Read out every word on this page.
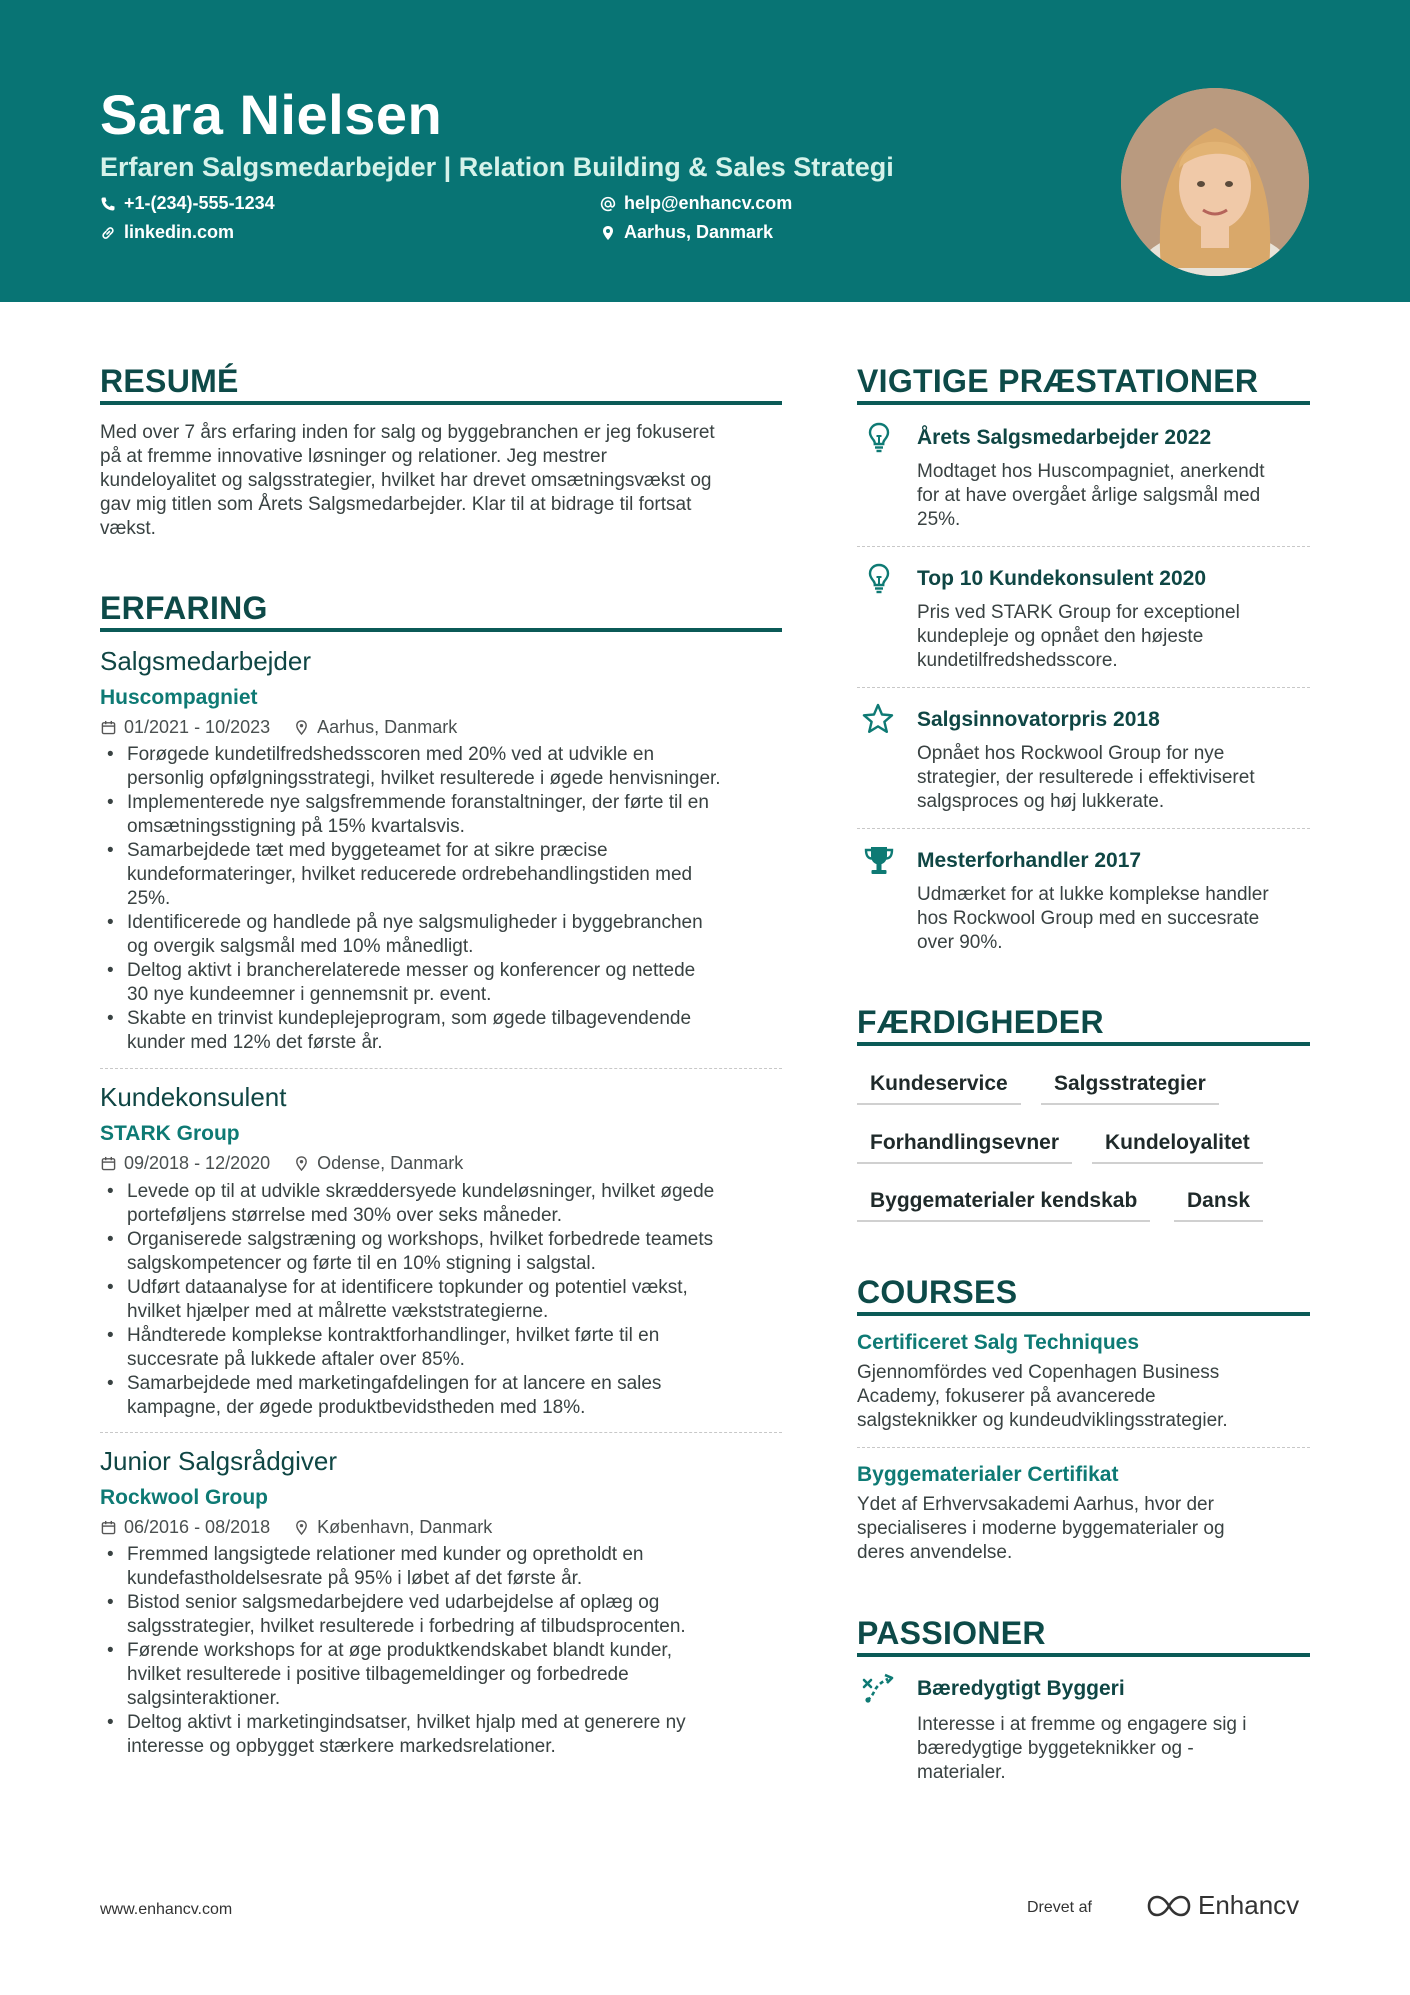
Sara Nielsen
Erfaren Salgsmedarbejder | Relation Building & Sales Strategi
+1-(234)-555-1234	help@enhancv.com
linkedin.com	Aarhus, Danmark
RESUMÉ
Med over 7 års erfaring inden for salg og byggebranchen er jeg fokuseret
på at fremme innovative løsninger og relationer. Jeg mestrer
kundeloyalitet og salgsstrategier, hvilket har drevet omsætningsvækst og
gav mig titlen som Årets Salgsmedarbejder. Klar til at bidrage til fortsat
vækst.
ERFARING
Salgsmedarbejder
Huscompagniet
01/2021 - 10/2023	Aarhus, Danmark
• Forøgede kundetilfredshedsscoren med 20% ved at udvikle en
personlig opfølgningsstrategi, hvilket resulterede i øgede henvisninger.
• Implementerede nye salgsfremmende foranstaltninger, der førte til en
omsætningsstigning på 15% kvartalsvis.
• Samarbejdede tæt med byggeteamet for at sikre præcise
kundeformateringer, hvilket reducerede ordrebehandlingstiden med
25%.
• Identificerede og handlede på nye salgsmuligheder i byggebranchen
og overgik salgsmål med 10% månedligt.
• Deltog aktivt i brancherelaterede messer og konferencer og nettede
30 nye kundeemner i gennemsnit pr. event.
• Skabte en trinvist kundeplejeprogram, som øgede tilbagevendende
kunder med 12% det første år.
Kundekonsulent
STARK Group
09/2018 - 12/2020	Odense, Danmark
• Levede op til at udvikle skræddersyede kundeløsninger, hvilket øgede
porteføljens størrelse med 30% over seks måneder.
• Organiserede salgstræning og workshops, hvilket forbedrede teamets
salgskompetencer og førte til en 10% stigning i salgstal.
• Udført dataanalyse for at identificere topkunder og potentiel vækst,
hvilket hjælper med at målrette vækststrategierne.
• Håndterede komplekse kontraktforhandlinger, hvilket førte til en
succesrate på lukkede aftaler over 85%.
• Samarbejdede med marketingafdelingen for at lancere en sales
kampagne, der øgede produktbevidstheden med 18%.
Junior Salgsrådgiver
Rockwool Group
06/2016 - 08/2018	København, Danmark
• Fremmed langsigtede relationer med kunder og opretholdt en
kundefastholdelsesrate på 95% i løbet af det første år.
• Bistod senior salgsmedarbejdere ved udarbejdelse af oplæg og
salgsstrategier, hvilket resulterede i forbedring af tilbudsprocenten.
• Førende workshops for at øge produktkendskabet blandt kunder,
hvilket resulterede i positive tilbagemeldinger og forbedrede
salgsinteraktioner.
• Deltog aktivt i marketingindsatser, hvilket hjalp med at generere ny
interesse og opbygget stærkere markedsrelationer.
VIGTIGE PRÆSTATIONER
Årets Salgsmedarbejder 2022
Modtaget hos Huscompagniet, anerkendt
for at have overgået årlige salgsmål med
25%.
Top 10 Kundekonsulent 2020
Pris ved STARK Group for exceptionel
kundepleje og opnået den højeste
kundetilfredshedsscore.
Salgsinnovatorpris 2018
Opnået hos Rockwool Group for nye
strategier, der resulterede i effektiviseret
salgsproces og høj lukkerate.
Mesterforhandler 2017
Udmærket for at lukke komplekse handler
hos Rockwool Group med en succesrate
over 90%.
FÆRDIGHEDER
Kundeservice	Salgsstrategier
Forhandlingsevner	Kundeloyalitet
Byggematerialer kendskab	Dansk
COURSES
Certificeret Salg Techniques
Gjennomfördes ved Copenhagen Business
Academy, fokuserer på avancerede
salgsteknikker og kundeudviklingsstrategier.
Byggematerialer Certifikat
Ydet af Erhvervsakademi Aarhus, hvor der
specialiseres i moderne byggematerialer og
deres anvendelse.
PASSIONER
Bæredygtigt Byggeri
Interesse i at fremme og engagere sig i
bæredygtige byggeteknikker og -
materialer.
www.enhancv.com	Drevet af	Enhancv
